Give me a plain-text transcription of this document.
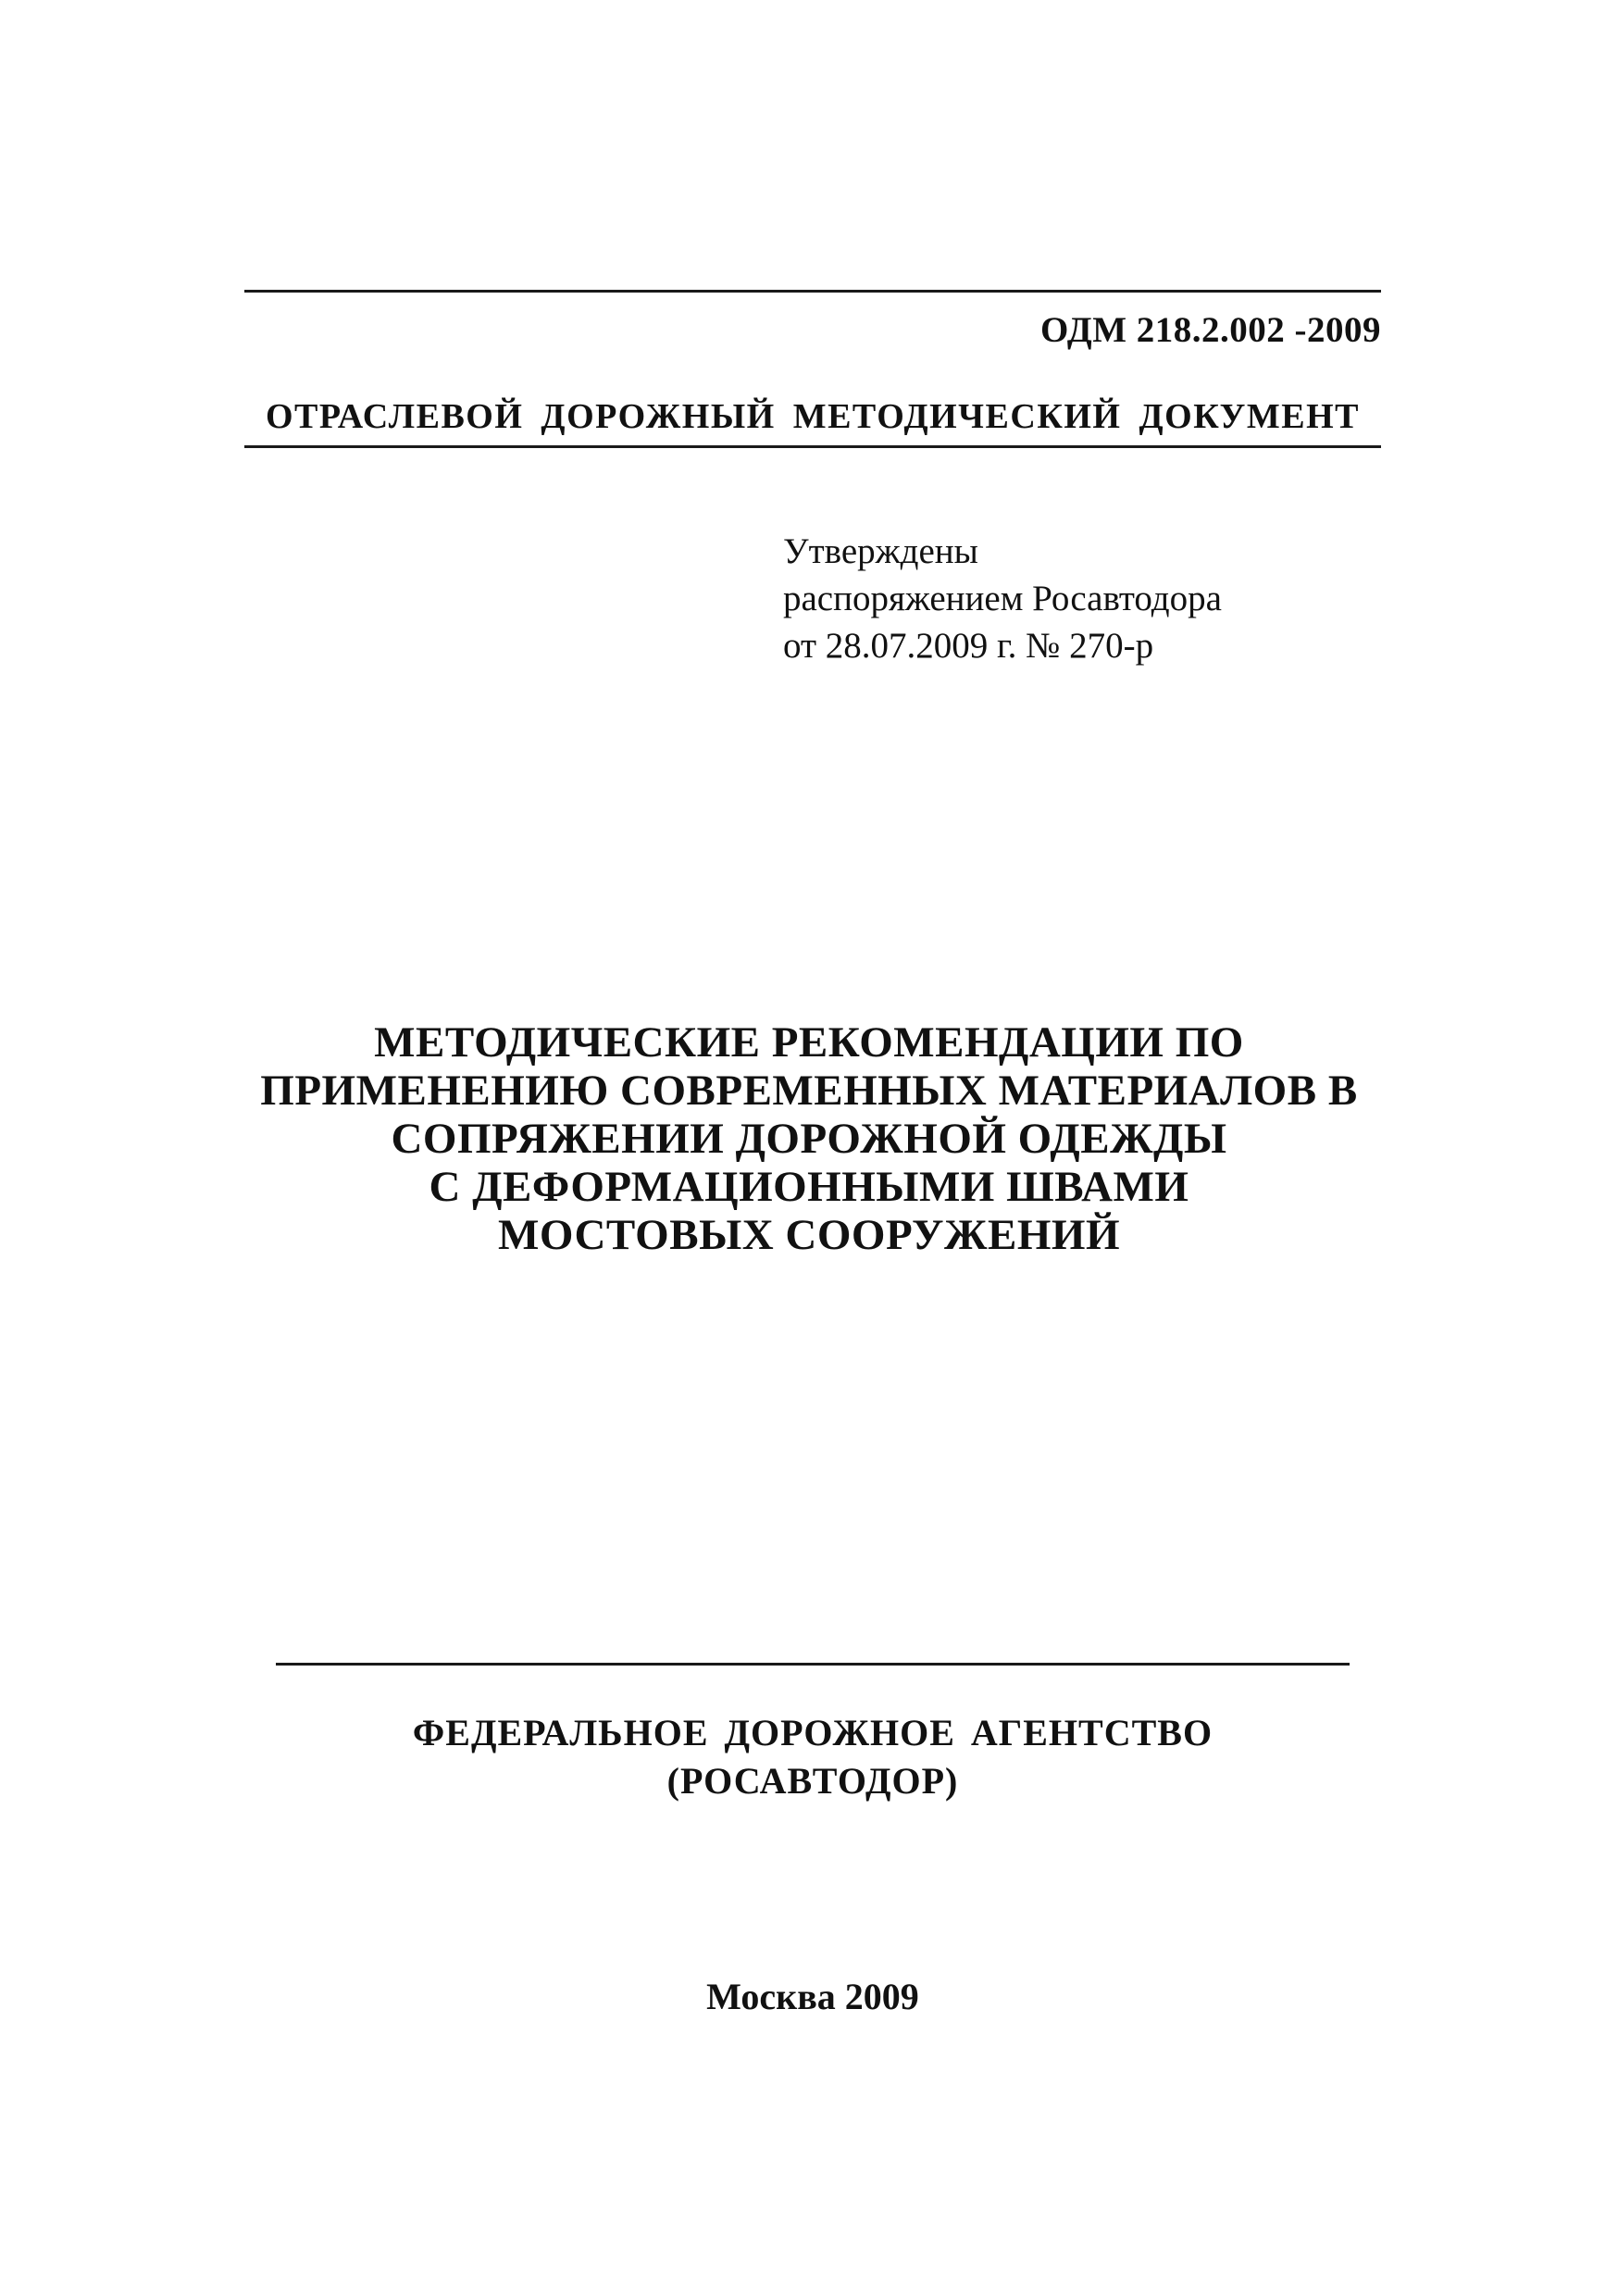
ОДМ 218.2.002 -2009
ОТРАСЛЕВОЙ ДОРОЖНЫЙ МЕТОДИЧЕСКИЙ ДОКУМЕНТ
Утверждены
распоряжением Росавтодора
от 28.07.2009 г. № 270-р
МЕТОДИЧЕСКИЕ РЕКОМЕНДАЦИИ ПО
ПРИМЕНЕНИЮ СОВРЕМЕННЫХ МАТЕРИАЛОВ В
СОПРЯЖЕНИИ ДОРОЖНОЙ ОДЕЖДЫ
С ДЕФОРМАЦИОННЫМИ ШВАМИ
МОСТОВЫХ СООРУЖЕНИЙ
ФЕДЕРАЛЬНОЕ ДОРОЖНОЕ АГЕНТСТВО
(РОСАВТОДОР)
Москва 2009
